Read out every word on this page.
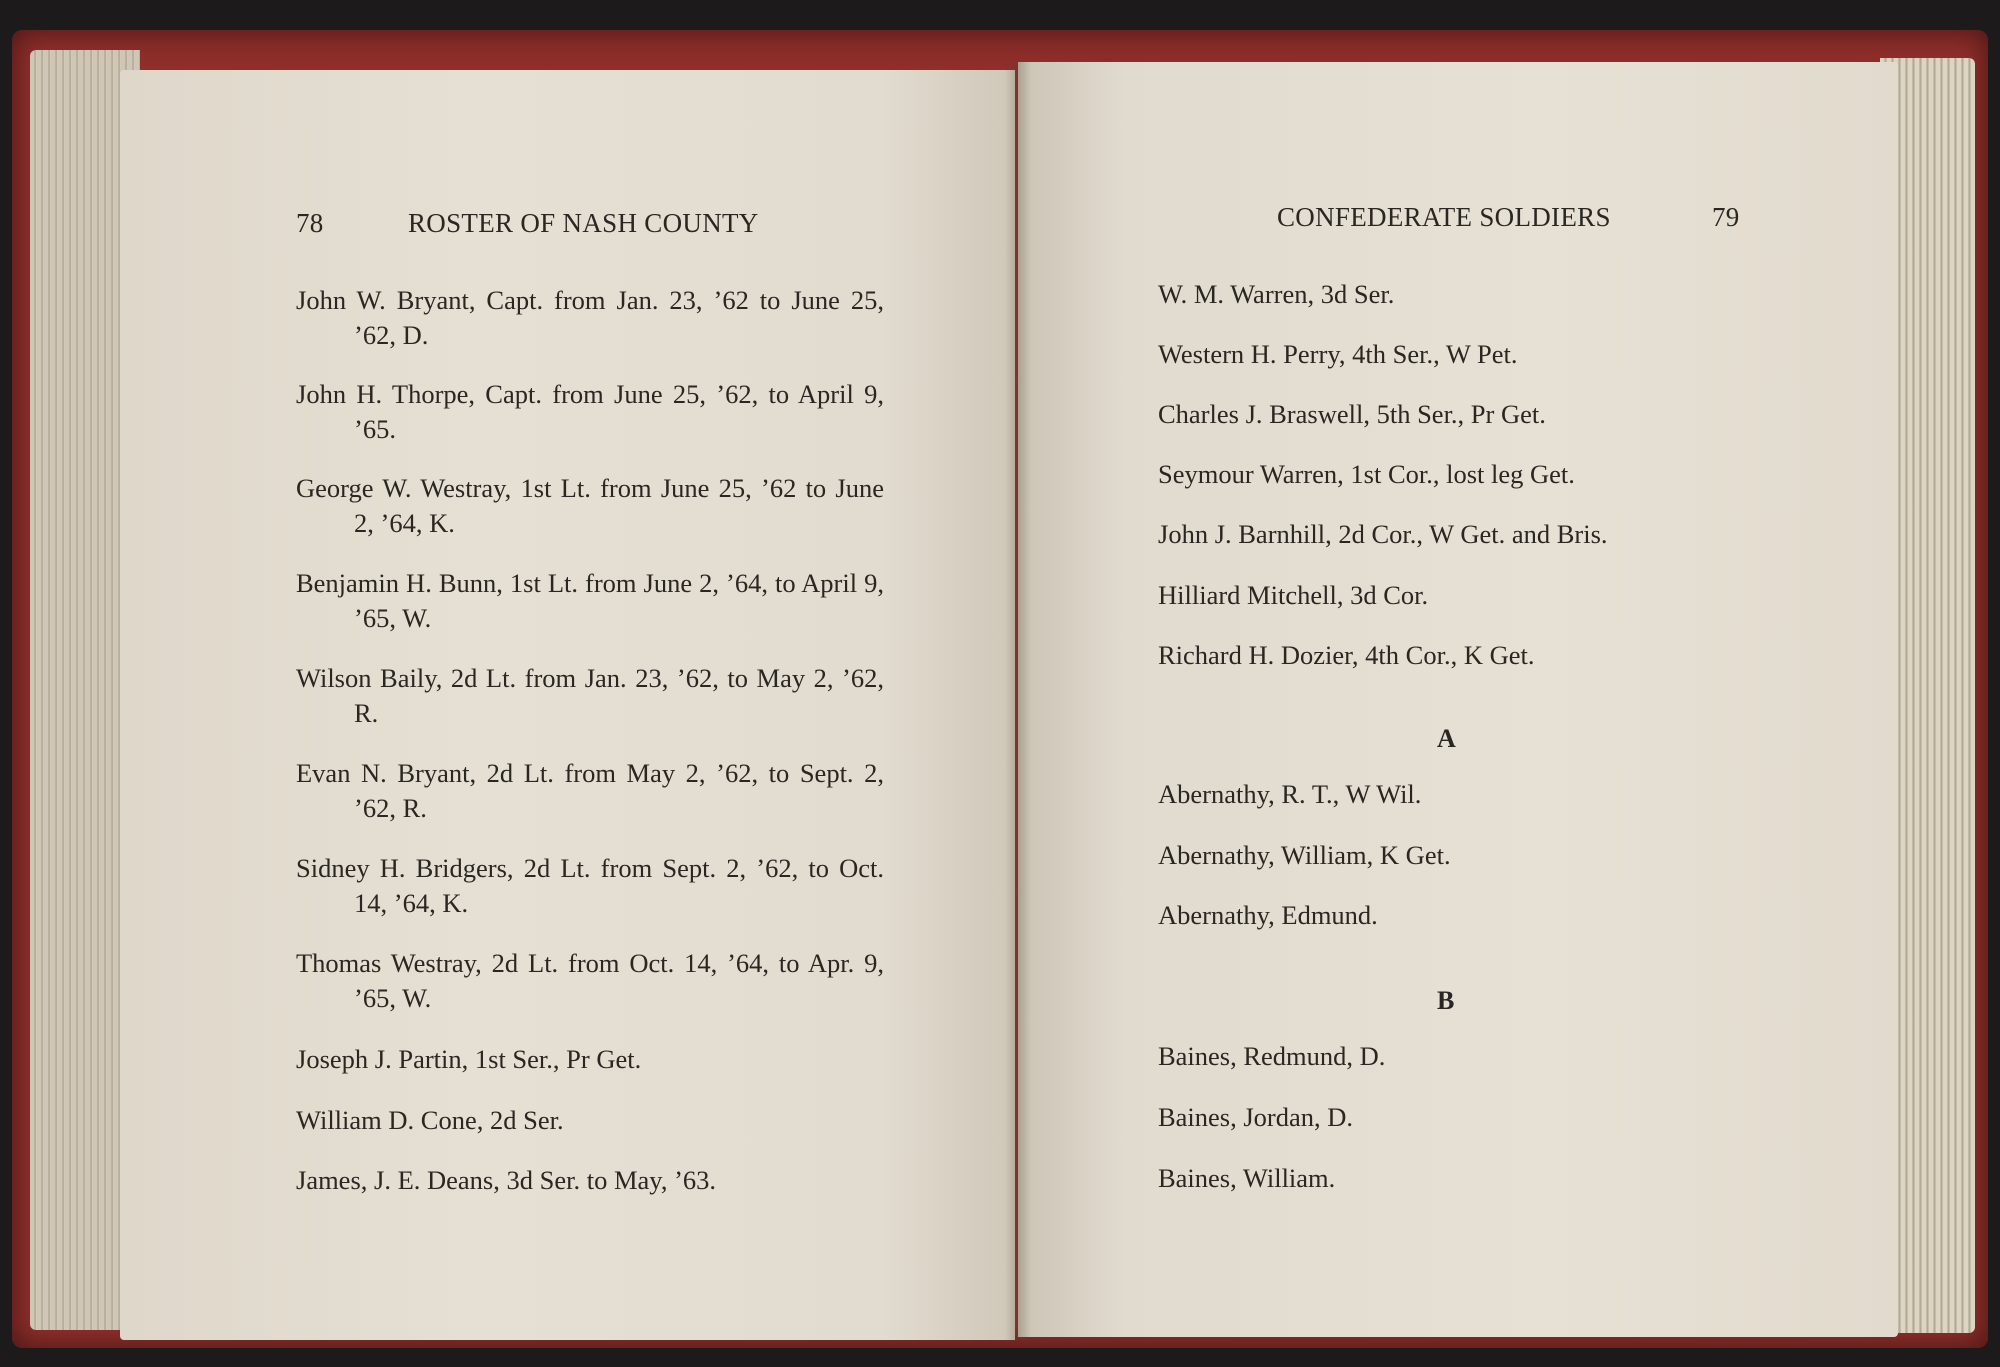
78	ROSTER OF NASH COUNTY
John W. Bryant, Capt. from Jan. 23, ’62 to June 25, ’62, D.
John H. Thorpe, Capt. from June 25, ’62, to April 9, ’65.
George W. Westray, 1st Lt. from June 25, ’62 to June 2, ’64, K.
Benjamin H. Bunn, 1st Lt. from June 2, ’64, to April 9, ’65, W.
Wilson Baily, 2d Lt. from Jan. 23, ’62, to May 2, ’62, R.
Evan N. Bryant, 2d Lt. from May 2, ’62, to Sept. 2, ’62, R.
Sidney H. Bridgers, 2d Lt. from Sept. 2, ’62, to Oct. 14, ’64, K.
Thomas Westray, 2d Lt. from Oct. 14, ’64, to Apr. 9, ’65, W.
Joseph J. Partin, 1st Ser., Pr Get.
William D. Cone, 2d Ser.
James, J. E. Deans, 3d Ser. to May, ’63.
CONFEDERATE SOLDIERS	79
W. M. Warren, 3d Ser.
Western H. Perry, 4th Ser., W Pet.
Charles J. Braswell, 5th Ser., Pr Get.
Seymour Warren, 1st Cor., lost leg Get.
John J. Barnhill, 2d Cor., W Get. and Bris.
Hilliard Mitchell, 3d Cor.
Richard H. Dozier, 4th Cor., K Get.
A
Abernathy, R. T., W Wil.
Abernathy, William, K Get.
Abernathy, Edmund.
B
Baines, Redmund, D.
Baines, Jordan, D.
Baines, William.
